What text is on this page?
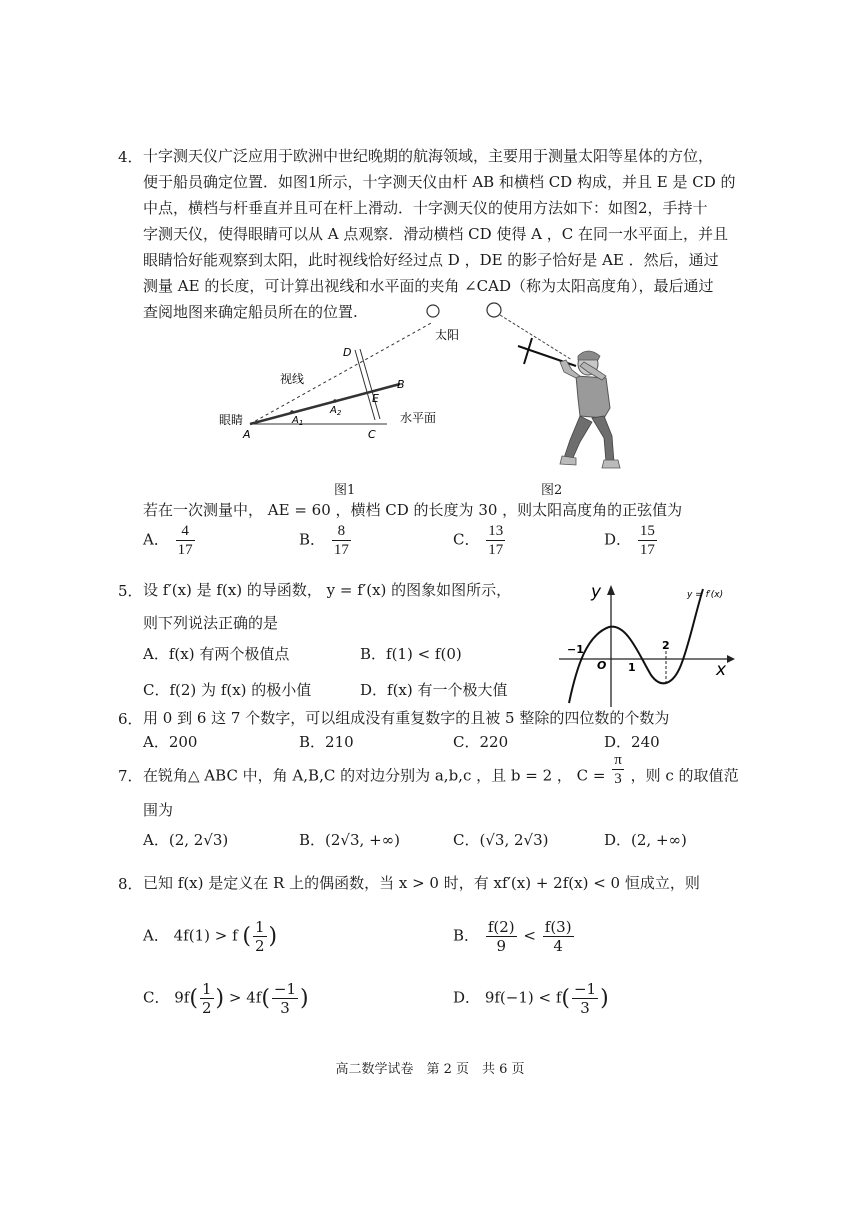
4． 十字测天仪广泛应用于欧洲中世纪晚期的航海领域，主要用于测量太阳等星体的方位，
便于船员确定位置．如图1所示，十字测天仪由杆 AB 和横档 CD 构成，并且 E 是 CD 的
中点，横档与杆垂直并且可在杆上滑动．十字测天仪的使用方法如下：如图2，手持十
字测天仪，使得眼睛可以从 A 点观察．滑动横档 CD 使得 A ，C 在同一水平面上，并且
眼睛恰好能观察到太阳，此时视线恰好经过点 D ，DE 的影子恰好是 AE ．然后，通过
测量 AE 的长度，可计算出视线和水平面的夹角 ∠CAD（称为太阳高度角），最后通过
查阅地图来确定船员所在的位置.
太阳
视线
眼睛	水平面
A
B
C
D
E
$A_1$
$A_2$
图1	图2
若在一次测量中， AE = 60 ，横档 CD 的长度为 30 ，则太阳高度角的正弦值为
A． $\frac{4}{17}$	B． $\frac{8}{17}$	C． $\frac{13}{17}$	D． $\frac{15}{17}$
5． 设 f′(x) 是 f(x) 的导函数， y = f′(x) 的图象如图所示，
则下列说法正确的是
A．f(x) 有两个极值点	B．f(1) < f(0)
C．f(2) 为 f(x) 的极小值	D．f(x) 有一个极大值
y
x
y = f′(x)
O
−1
1
2
6． 用 0 到 6 这 7 个数字，可以组成没有重复数字的且被 5 整除的四位数的个数为
A．200	B．210	C．220	D．240
7． 在锐角△ ABC 中，角 A,B,C 的对边分别为 a,b,c ，且 b = 2 ， $C = \frac{\pi}{3}$ ，则 c 的取值范
围为
A．(2, 2√3)	B．(2√3, +∞)	C．(√3, 2√3)	D．(2, +∞)
8． 已知 f(x) 是定义在 R 上的偶函数，当 x > 0 时，有 xf′(x) + 2f(x) < 0 恒成立，则
A． 4f(1) > f ( $\frac{1}{2}$ )	B． $\frac{f(2)}{9} < \frac{f(3)}{4}$
C． $9f( \frac{1}{2}$ ) > $4f( \frac{-1}{3}$ )	D． $9f(-1) < f( \frac{-1}{3}$ )
高二数学试卷　第 2 页　共 6 页
